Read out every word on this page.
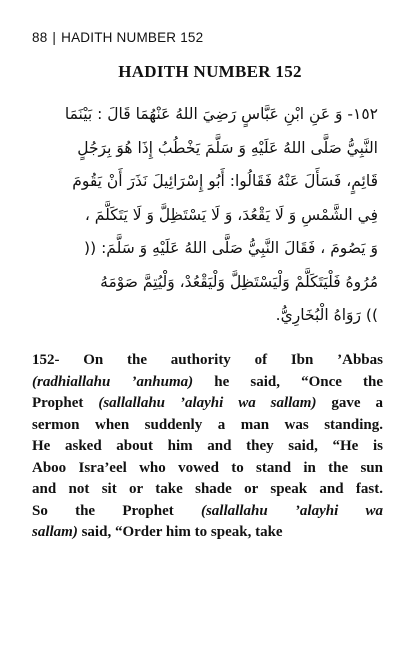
88 | HADITH NUMBER 152
HADITH NUMBER 152
١٥٢- وَ عَنِ ابْنِ عَبَّاسٍ رَضِيَ اللهُ عَنْهُمَا قَالَ : بَيْنَمَا
النَّبِيُّ صَلَّى اللهُ عَلَيْهِ وَ سَلَّمَ يَخْطُبُ إِذَا هُوَ بِرَجُلٍ
قَائِمٍ، فَسَأَلَ عَنْهُ فَقَالُوا: أَبُو إِسْرَائِيلَ نَذَرَ أَنْ يَقُومَ
فِي الشَّمْسِ وَ لَا يَقْعُدَ، وَ لَا يَسْتَظِلَّ وَ لَا يَتَكَلَّمَ ،
وَ يَصُومَ ، فَقَالَ النَّبِيُّ صَلَّى اللهُ عَلَيْهِ وَ سَلَّمَ: ((
مُرُوهُ فَلْيَتَكَلَّمْ وَلْيَسْتَظِلَّ وَلْيَقْعُدْ، وَلْيُتِمَّ صَوْمَهُ
)) رَوَاهُ الْبُخَارِيُّ.
152- On the authority of Ibn ’Abbas
(radhiallahu ’anhuma) he said, “Once the
Prophet (sallallahu ’alayhi wa sallam) gave a
sermon when suddenly a man was standing.
He asked about him and they said, “He is
Aboo Isra’eel who vowed to stand in the sun
and not sit or take shade or speak and fast.
So the Prophet (sallallahu ’alayhi wa
sallam) said, “Order him to speak, take
